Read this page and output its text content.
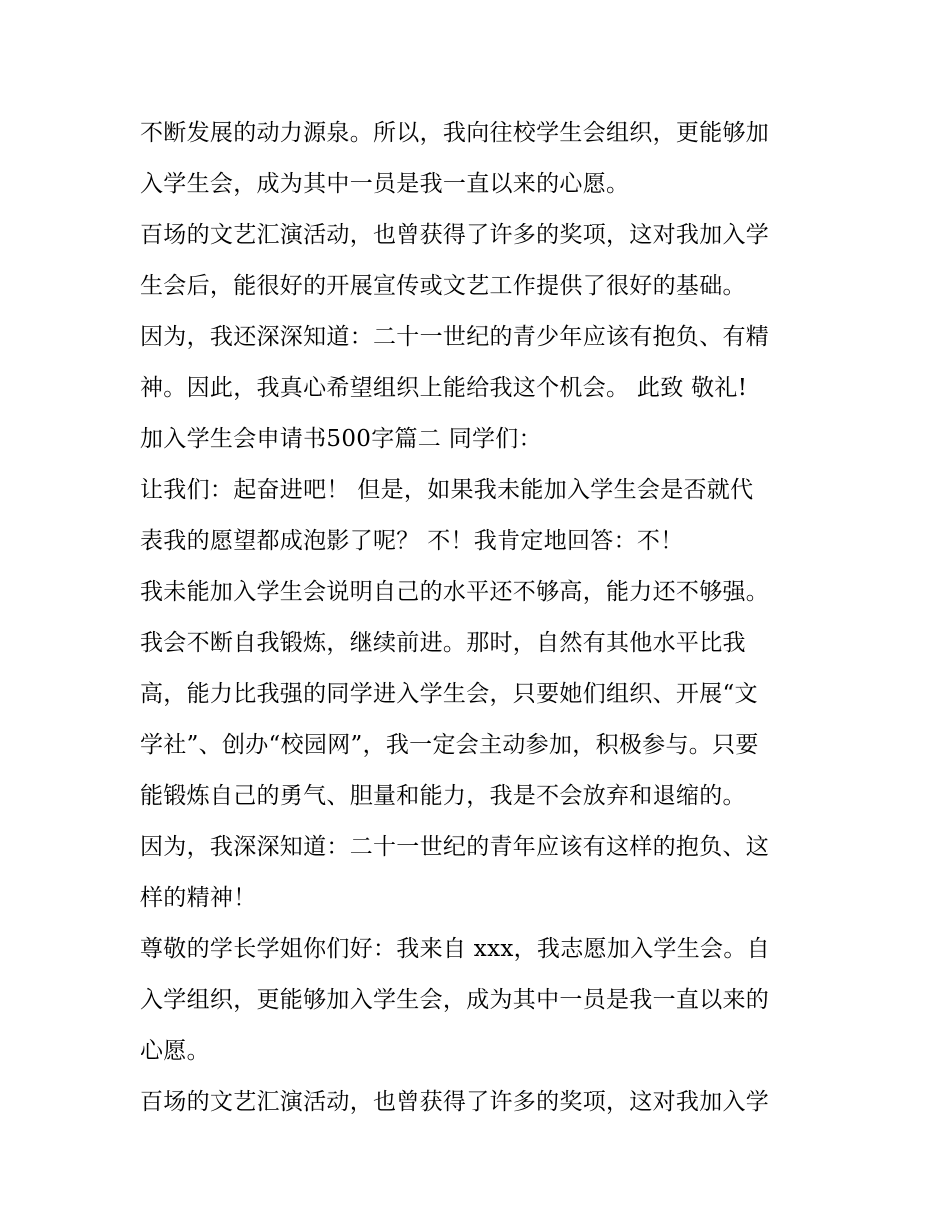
不断发展的动力源泉。所以，我向往校学生会组织，更能够加
入学生会，成为其中一员是我一直以来的心愿。
百场的文艺汇演活动，也曾获得了许多的奖项，这对我加入学
生会后，能很好的开展宣传或文艺工作提供了很好的基础。
因为，我还深深知道：二十一世纪的青少年应该有抱负、有精
神。因此，我真心希望组织上能给我这个机会。 此致 敬礼!
加入学生会申请书500字篇二 同学们：
让我们：起奋进吧！ 但是，如果我未能加入学生会是否就代
表我的愿望都成泡影了呢？ 不！我肯定地回答：不！
我未能加入学生会说明自己的水平还不够高，能力还不够强。
我会不断自我锻炼，继续前进。那时，自然有其他水平比我
高，能力比我强的同学进入学生会，只要她们组织、开展“文
学社”、创办“校园网”，我一定会主动参加，积极参与。只要
能锻炼自己的勇气、胆量和能力，我是不会放弃和退缩的。
因为，我深深知道：二十一世纪的青年应该有这样的抱负、这
样的精神！
尊敬的学长学姐你们好：我来自 xxx，我志愿加入学生会。自
入学组织，更能够加入学生会，成为其中一员是我一直以来的
心愿。
百场的文艺汇演活动，也曾获得了许多的奖项，这对我加入学
